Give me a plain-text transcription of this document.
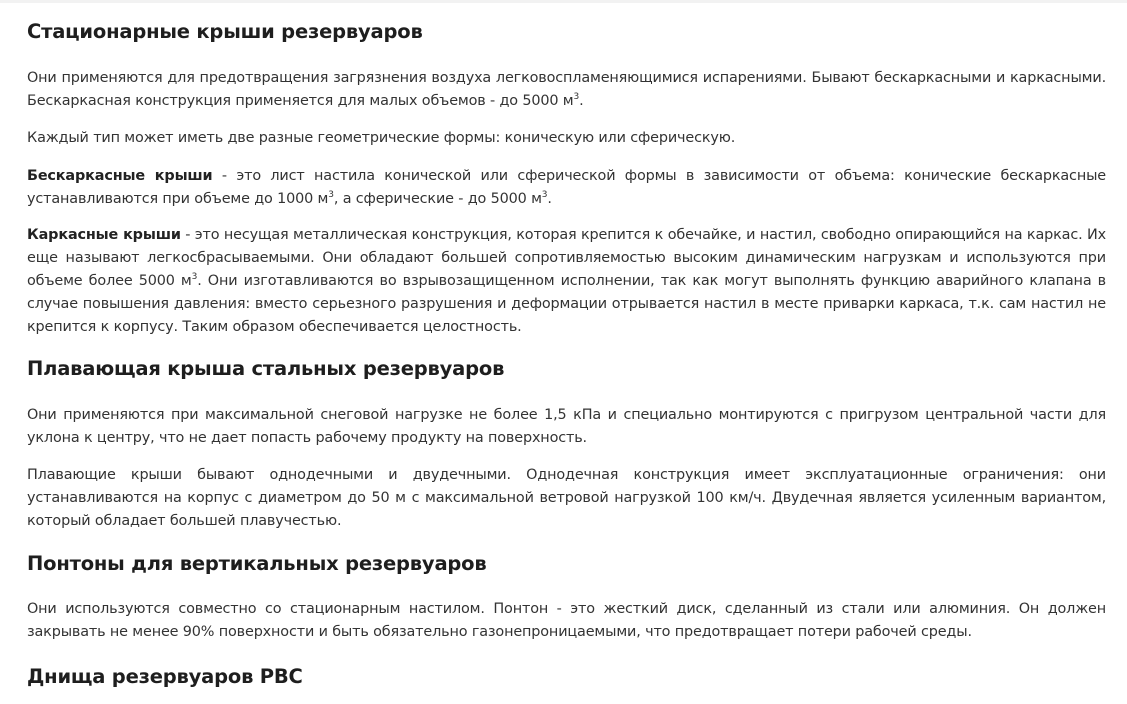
Стационарные крыши резервуаров

Они применяются для предотвращения загрязнения воздуха легковоспламеняющимися испарениями. Бывают бескаркасными и каркасными. Бескаркасная конструкция применяется для малых объемов - до 5000 $м^3$.

Каждый тип может иметь две разные геометрические формы: коническую или сферическую.

Бескаркасные крыши - это лист настила конической или сферической формы в зависимости от объема: конические бескаркасные устанавливаются при объеме до 1000 $м^3$, а сферические - до 5000 $м^3$.

Каркасные крыши - это несущая металлическая конструкция, которая крепится к обечайке, и настил, свободно опирающийся на каркас. Их еще называют легкосбрасываемыми. Они обладают большей сопротивляемостью высоким динамическим нагрузкам и используются при объеме более 5000 $м^3$. Они изготавливаются во взрывозащищенном исполнении, так как могут выполнять функцию аварийного клапана в случае повышения давления: вместо серьезного разрушения и деформации отрывается настил в месте приварки каркаса, т.к. сам настил не крепится к корпусу. Таким образом обеспечивается целостность.

Плавающая крыша стальных резервуаров

Они применяются при максимальной снеговой нагрузке не более 1,5 кПа и специально монтируются с пригрузом центральной части для уклона к центру, что не дает попасть рабочему продукту на поверхность.

Плавающие крыши бывают однодечными и двудечными. Однодечная конструкция имеет эксплуатационные ограничения: они устанавливаются на корпус с диаметром до 50 м с максимальной ветровой нагрузкой 100 км/ч. Двудечная является усиленным вариантом, который обладает большей плавучестью.

Понтоны для вертикальных резервуаров

Они используются совместно со стационарным настилом. Понтон - это жесткий диск, сделанный из стали или алюминия. Он должен закрывать не менее 90% поверхности и быть обязательно газонепроницаемыми, что предотвращает потери рабочей среды.

Днища резервуаров РВС
